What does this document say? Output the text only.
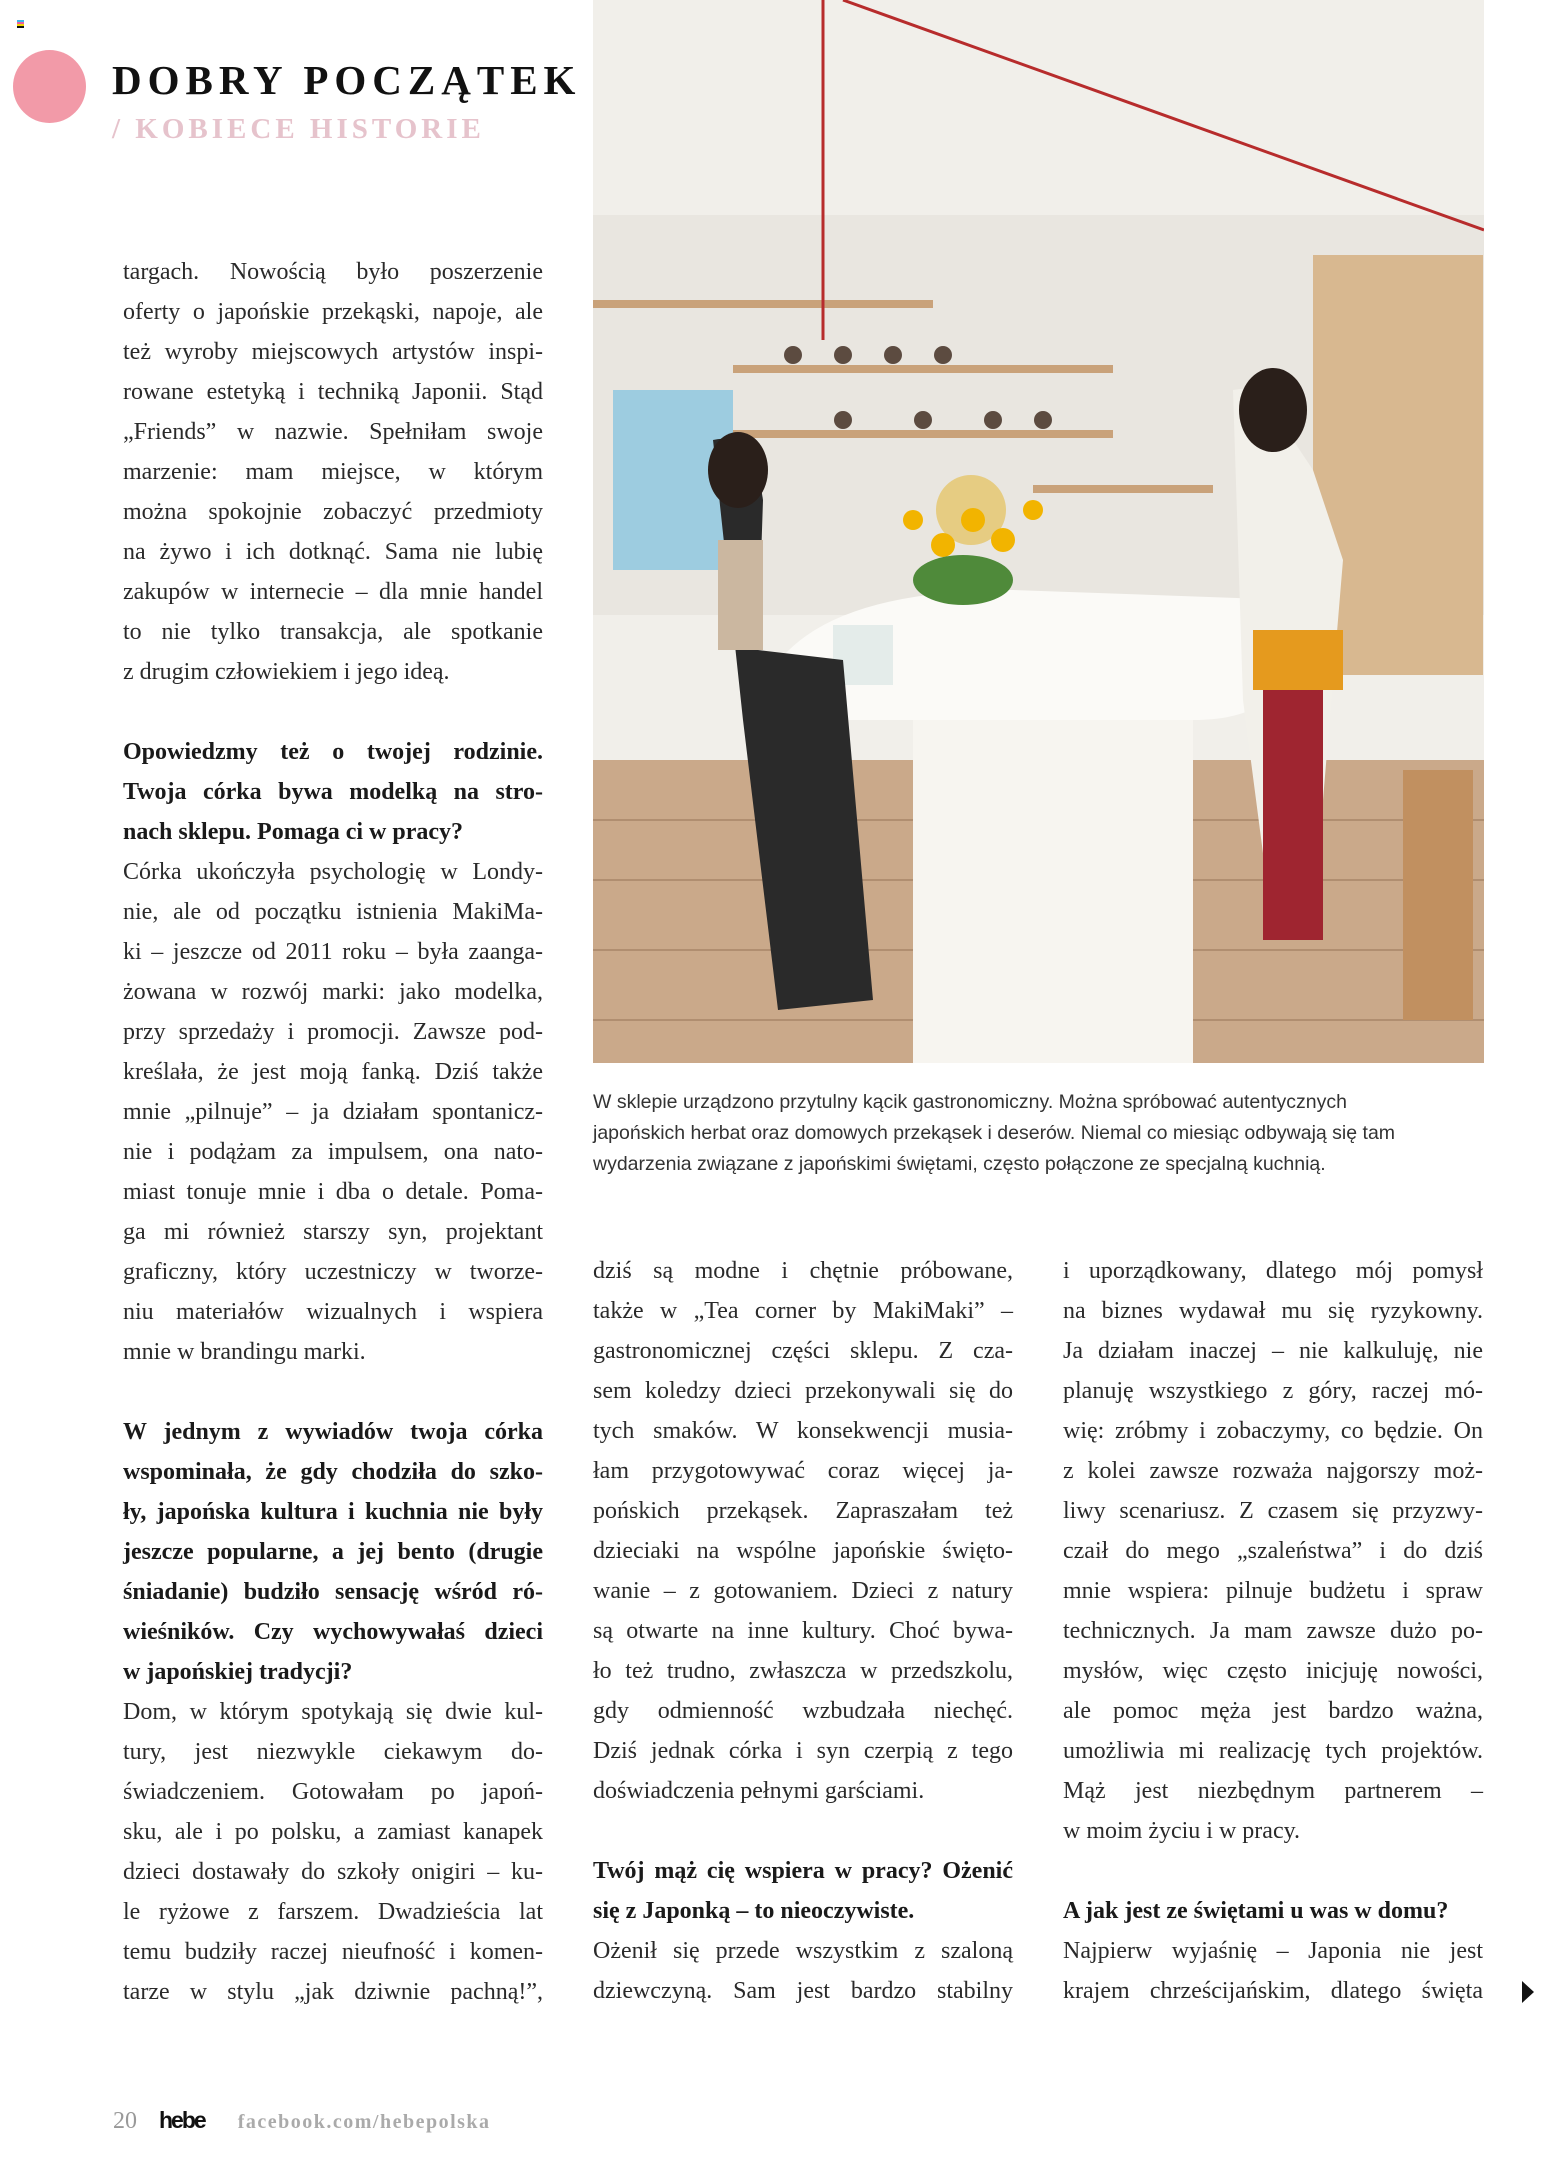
DOBRY POCZĄTEK
/ KOBIECE HISTORIE
W sklepie urządzono przytulny kącik gastronomiczny. Można spróbować autentycznych
japońskich herbat oraz domowych przekąsek i deserów. Niemal co miesiąc odbywają się tam
wydarzenia związane z japońskimi świętami, często połączone ze specjalną kuchnią.
targach. Nowością było poszerzenie
oferty o japońskie przekąski, napoje, ale
też wyroby miejscowych artystów inspi-
rowane estetyką i techniką Japonii. Stąd
„Friends” w nazwie. Spełniłam swoje
marzenie: mam miejsce, w którym
można spokojnie zobaczyć przedmioty
na żywo i ich dotknąć. Sama nie lubię
zakupów w internecie – dla mnie handel
to nie tylko transakcja, ale spotkanie
z drugim człowiekiem i jego ideą.
Opowiedzmy też o twojej rodzinie.
Twoja córka bywa modelką na stro-
nach sklepu. Pomaga ci w pracy?
Córka ukończyła psychologię w Londy-
nie, ale od początku istnienia MakiMa-
ki – jeszcze od 2011 roku – była zaanga-
żowana w rozwój marki: jako modelka,
przy sprzedaży i promocji. Zawsze pod-
kreślała, że jest moją fanką. Dziś także
mnie „pilnuje” – ja działam spontanicz-
nie i podążam za impulsem, ona nato-
miast tonuje mnie i dba o detale. Poma-
ga mi również starszy syn, projektant
graficzny, który uczestniczy w tworze-
niu materiałów wizualnych i wspiera
mnie w brandingu marki.
W jednym z wywiadów twoja córka
wspominała, że gdy chodziła do szko-
ły, japońska kultura i kuchnia nie były
jeszcze popularne, a jej bento (drugie
śniadanie) budziło sensację wśród ró-
wieśników. Czy wychowywałaś dzieci
w japońskiej tradycji?
Dom, w którym spotykają się dwie kul-
tury, jest niezwykle ciekawym do-
świadczeniem. Gotowałam po japoń-
sku, ale i po polsku, a zamiast kanapek
dzieci dostawały do szkoły onigiri – ku-
le ryżowe z farszem. Dwadzieścia lat
temu budziły raczej nieufność i komen-
tarze w stylu „jak dziwnie pachną!”,
dziś są modne i chętnie próbowane,
także w „Tea corner by MakiMaki” –
gastronomicznej części sklepu. Z cza-
sem koledzy dzieci przekonywali się do
tych smaków. W konsekwencji musia-
łam przygotowywać coraz więcej ja-
pońskich przekąsek. Zapraszałam też
dzieciaki na wspólne japońskie święto-
wanie – z gotowaniem. Dzieci z natury
są otwarte na inne kultury. Choć bywa-
ło też trudno, zwłaszcza w przedszkolu,
gdy odmienność wzbudzała niechęć.
Dziś jednak córka i syn czerpią z tego
doświadczenia pełnymi garściami.
Twój mąż cię wspiera w pracy? Ożenić
się z Japonką – to nieoczywiste.
Ożenił się przede wszystkim z szaloną
dziewczyną. Sam jest bardzo stabilny
i uporządkowany, dlatego mój pomysł
na biznes wydawał mu się ryzykowny.
Ja działam inaczej – nie kalkuluję, nie
planuję wszystkiego z góry, raczej mó-
wię: zróbmy i zobaczymy, co będzie. On
z kolei zawsze rozważa najgorszy moż-
liwy scenariusz. Z czasem się przyzwy-
czaił do mego „szaleństwa” i do dziś
mnie wspiera: pilnuje budżetu i spraw
technicznych. Ja mam zawsze dużo po-
mysłów, więc często inicjuję nowości,
ale pomoc męża jest bardzo ważna,
umożliwia mi realizację tych projektów.
Mąż jest niezbędnym partnerem –
w moim życiu i w pracy.
A jak jest ze świętami u was w domu?
Najpierw wyjaśnię – Japonia nie jest
krajem chrześcijańskim, dlatego święta
20 hebe facebook.com/hebepolska
